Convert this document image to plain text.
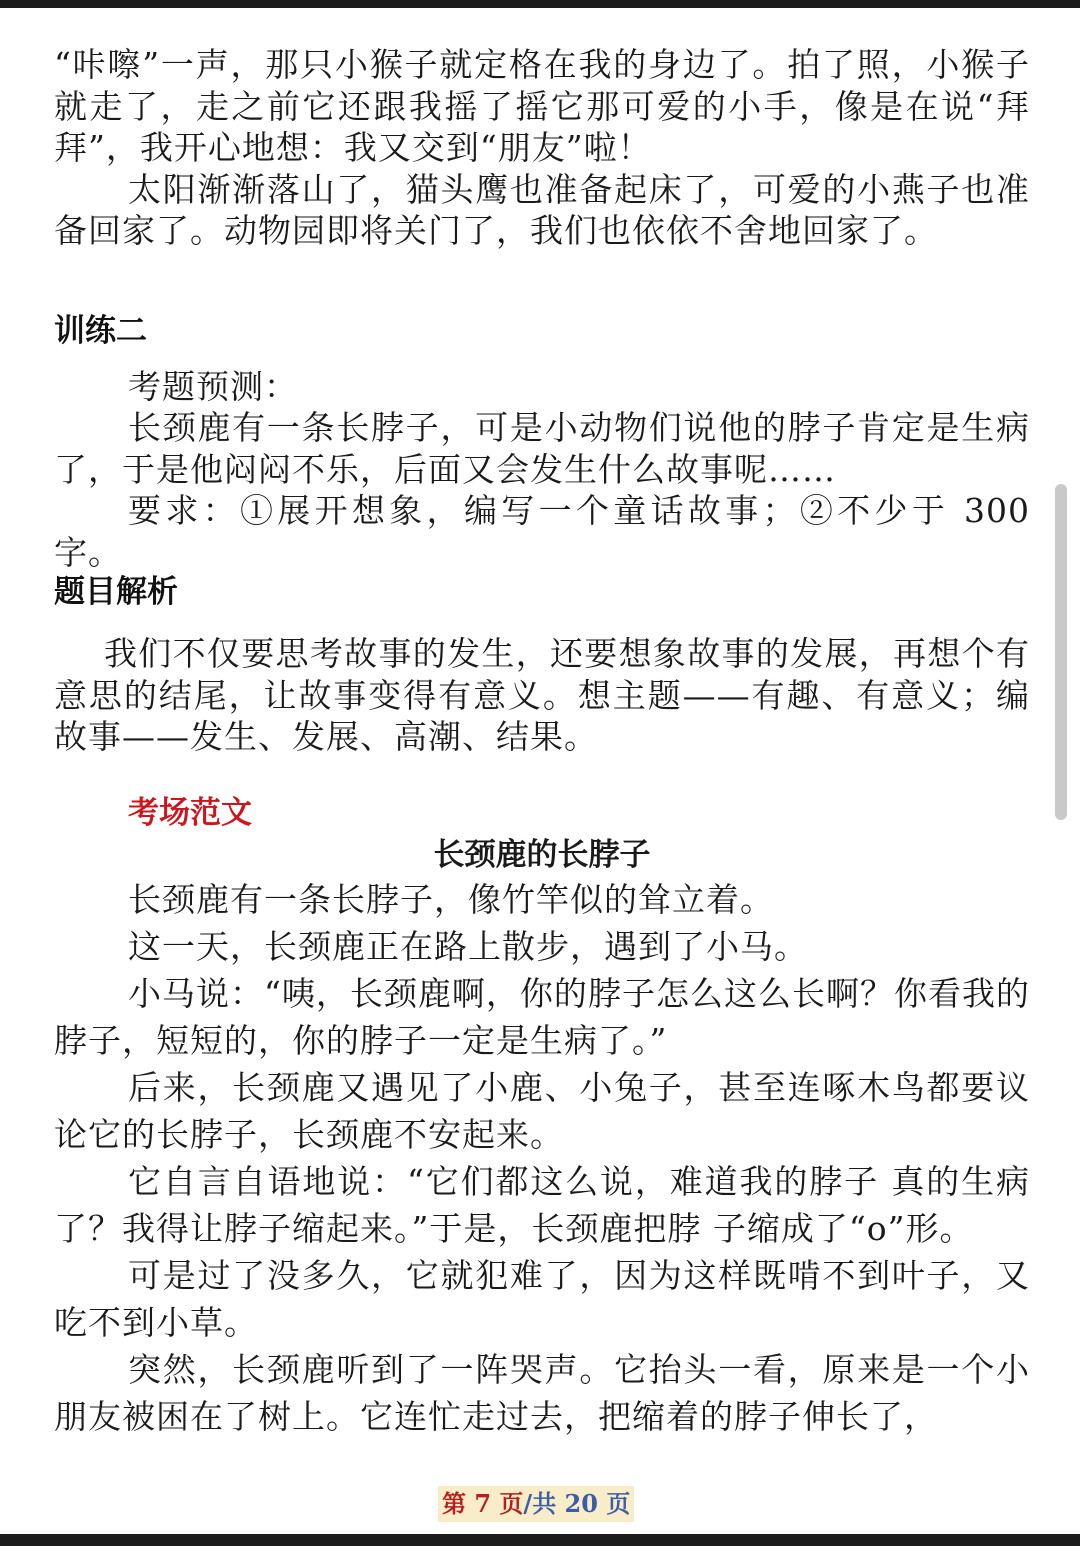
“咔嚓”一声，那只小猴子就定格在我的身边了。拍了照，小猴子就走了，走之前它还跟我摇了摇它那可爱的小手，像是在说“拜拜”，我开心地想：我又交到“朋友”啦！

太阳渐渐落山了，猫头鹰也准备起床了，可爱的小燕子也准备回家了。动物园即将关门了，我们也依依不舍地回家了。

训练二

考题预测：

长颈鹿有一条长脖子，可是小动物们说他的脖子肯定是生病了，于是他闷闷不乐，后面又会发生什么故事呢……

要求：①展开想象，编写一个童话故事；②不少于 300 字。

题目解析

我们不仅要思考故事的发生，还要想象故事的发展，再想个有意思的结尾，让故事变得有意义。想主题——有趣、有意义；编故事——发生、发展、高潮、结果。

考场范文

长颈鹿的长脖子

长颈鹿有一条长脖子，像竹竿似的耸立着。

这一天，长颈鹿正在路上散步，遇到了小马。

小马说：“咦，长颈鹿啊，你的脖子怎么这么长啊？你看我的脖子，短短的，你的脖子一定是生病了。”

后来，长颈鹿又遇见了小鹿、小兔子，甚至连啄木鸟都要议论它的长脖子，长颈鹿不安起来。

它自言自语地说：“它们都这么说，难道我的脖子 真的生病了？我得让脖子缩起来。”于是，长颈鹿把脖 子缩成了“o”形。

可是过了没多久，它就犯难了，因为这样既啃不到叶子，又吃不到小草。

突然，长颈鹿听到了一阵哭声。它抬头一看，原来是一个小朋友被困在了树上。它连忙走过去，把缩着的脖子伸长了，

第 7 页/共 20 页
